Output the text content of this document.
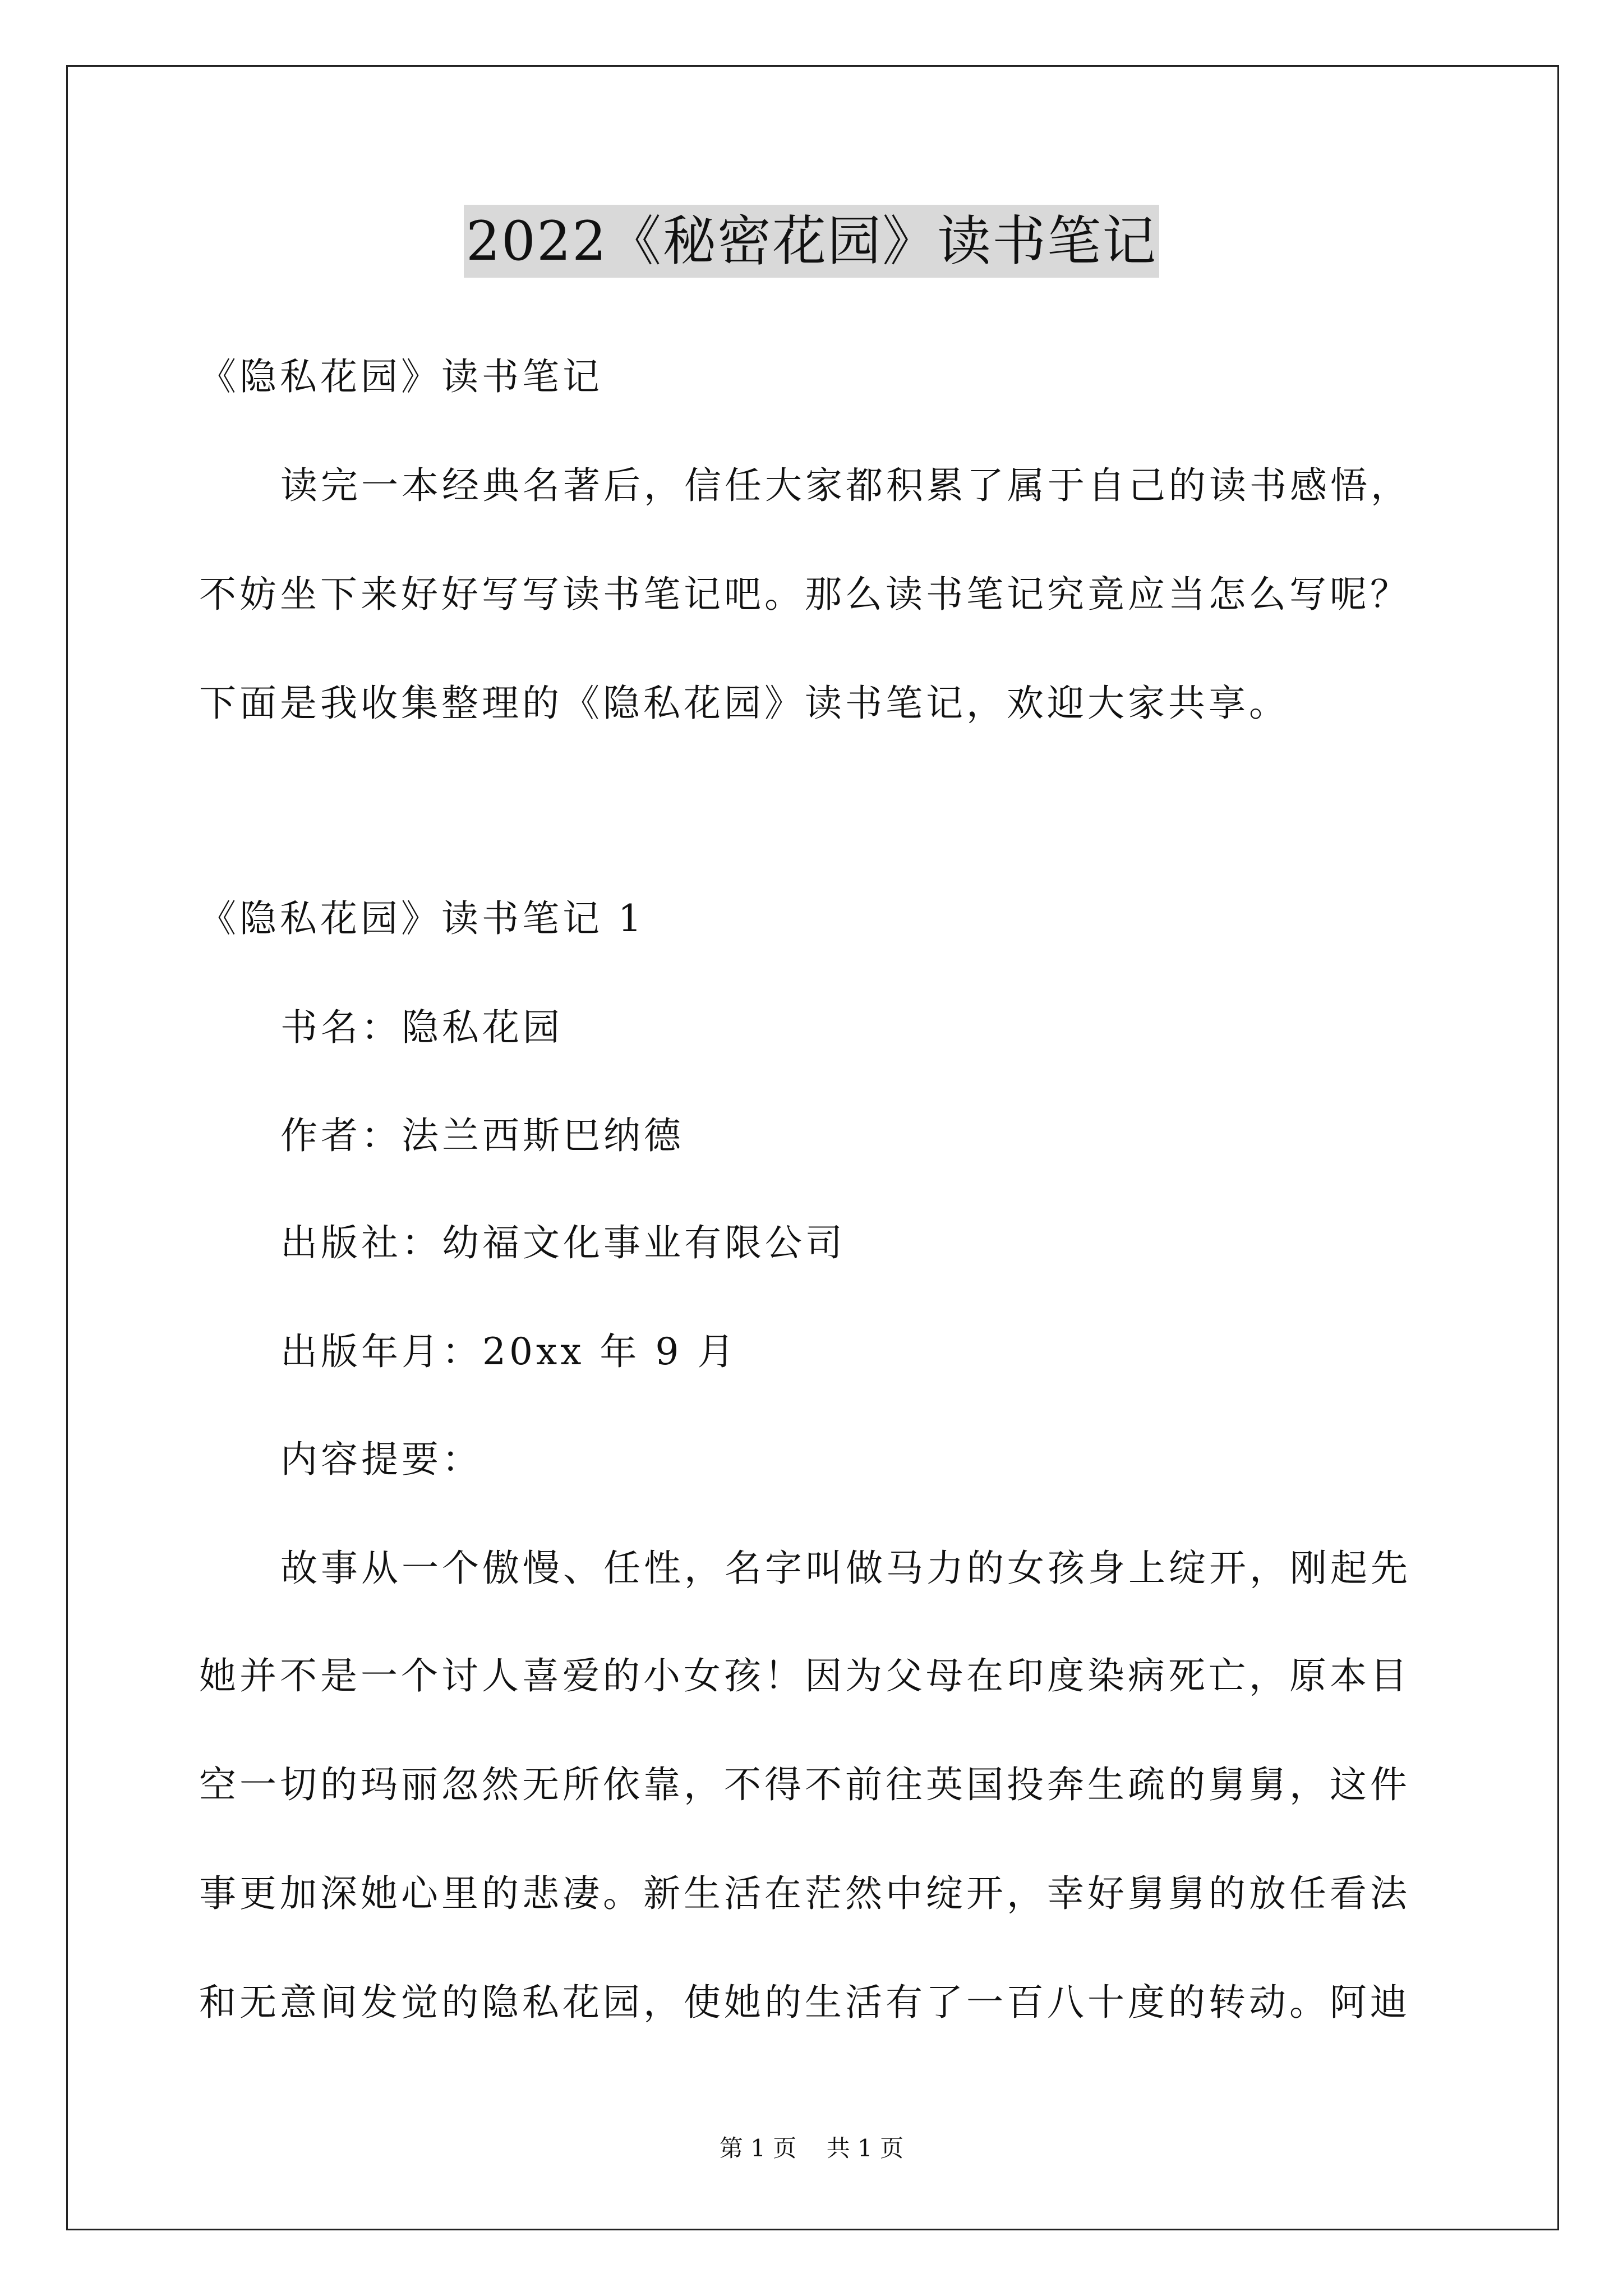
2022《秘密花园》读书笔记
《隐私花园》读书笔记
读完一本经典名著后，信任大家都积累了属于自己的读书感悟，
不妨坐下来好好写写读书笔记吧。那么读书笔记究竟应当怎么写呢？
下面是我收集整理的《隐私花园》读书笔记，欢迎大家共享。
《隐私花园》读书笔记 1
书名：隐私花园
作者：法兰西斯巴纳德
出版社：幼福文化事业有限公司
出版年月：20xx 年 9 月
内容提要：
故事从一个傲慢、任性，名字叫做马力的女孩身上绽开，刚起先
她并不是一个讨人喜爱的小女孩！因为父母在印度染病死亡，原本目
空一切的玛丽忽然无所依靠，不得不前往英国投奔生疏的舅舅，这件
事更加深她心里的悲凄。新生活在茫然中绽开，幸好舅舅的放任看法
和无意间发觉的隐私花园，使她的生活有了一百八十度的转动。阿迪
第 1 页    共 1 页
